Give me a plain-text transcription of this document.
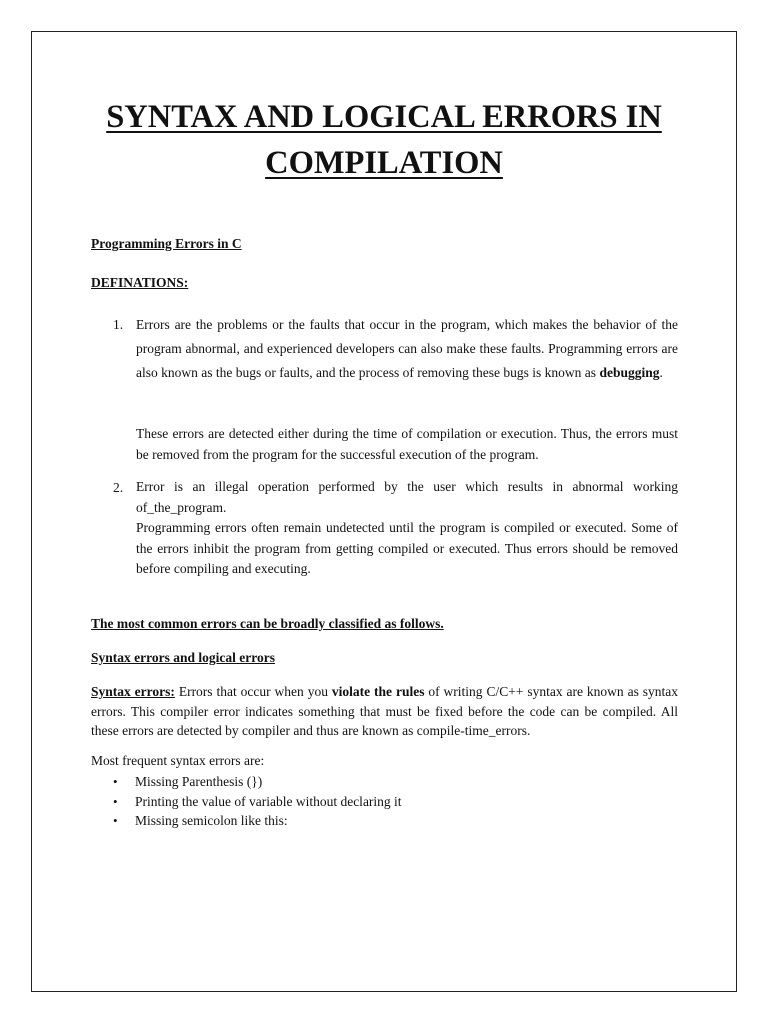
SYNTAX AND LOGICAL ERRORS IN
COMPILATION
Programming Errors in C
DEFINATIONS:
1. Errors are the problems or the faults that occur in the program, which makes the behavior of the program abnormal, and experienced developers can also make these faults. Programming errors are also known as the bugs or faults, and the process of removing these bugs is known as debugging.
These errors are detected either during the time of compilation or execution. Thus, the errors must be removed from the program for the successful execution of the program.
2. Error is an illegal operation performed by the user which results in abnormal working of_the_program.
Programming errors often remain undetected until the program is compiled or executed. Some of the errors inhibit the program from getting compiled or executed. Thus errors should be removed before compiling and executing.
The most common errors can be broadly classified as follows.
Syntax errors and logical errors
Syntax errors: Errors that occur when you violate the rules of writing C/C++ syntax are known as syntax errors. This compiler error indicates something that must be fixed before the code can be compiled. All these errors are detected by compiler and thus are known as compile-time_errors.
Most frequent syntax errors are:
• Missing Parenthesis (})
• Printing the value of variable without declaring it
• Missing semicolon like this:
